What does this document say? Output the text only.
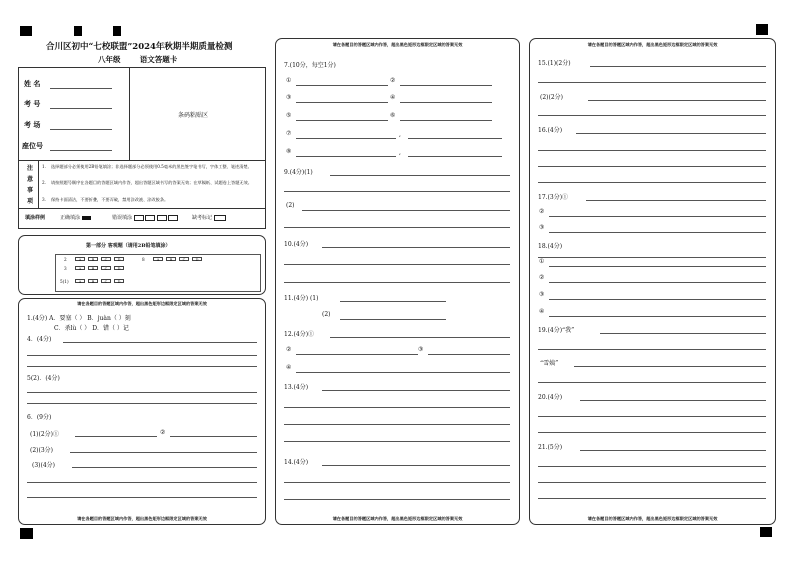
合川区初中“七校联盟”2024年秋期半期质量检测
八年级	语文答题卡
姓 名
考 号
考 场
座位号
条码粘贴区
注意事项
1．　选择题部分必须使用2B铅笔填涂；非选择题部分必须使用0.5毫米的黑色签字笔书写，字体工整、笔迹清楚。
2．　请按照题号顺序在各题目的答题区域内作答，超出答题区域书写的答案无效；在草稿纸、试题卷上答题无效。
3．　保持卡面清洁，不要折叠，不要弄破，禁用涂改液、涂改胶条。
填涂样例	正确填涂	错误填涂	缺考标记
第一部分 客观题（请用2B铅笔填涂）
2	A	B	C	D	8	A	B	C	D
3	A	B	C	D
5(1)	A	B	C	D
请在各题目的答题区域内作答，超出黑色矩形边框限定区域的答案无效
请在各题目的答题区域内作答，超出黑色矩形边框限定区域的答案无效
1.(4分) A．要塞（ ） B．juàn（ ）刻
C．杀lù（ ） D．错（ ）记
4．(4分)
5(2)．(4分)
6．(9分)
(1)(2分)①	②
(2)(3分)
(3)(4分)
请在各题目的答题区域内作答，超出黑色矩形边框限定区域的答案无效
请在各题目的答题区域内作答，超出黑色矩形边框限定区域的答案无效
7.(10分，每空1分)
①	②
③	④
⑤	⑥
⑦	,
⑧	,
9.(4分)(1)
(2)
10.(4分)
11.(4分) (1)
(2)
12.(4分)①
②	③
④
13.(4分)
14.(4分)
请在各题目的答题区域内作答，超出黑色矩形边框限定区域的答案无效
请在各题目的答题区域内作答，超出黑色矩形边框限定区域的答案无效
15.(1)(2分)
(2)(2分)
16.(4分)
17.(3分)①
②
③
18.(4分)
①
②
③
④
19.(4分)“我”
“雪姨”
20.(4分)
21.(5分)
